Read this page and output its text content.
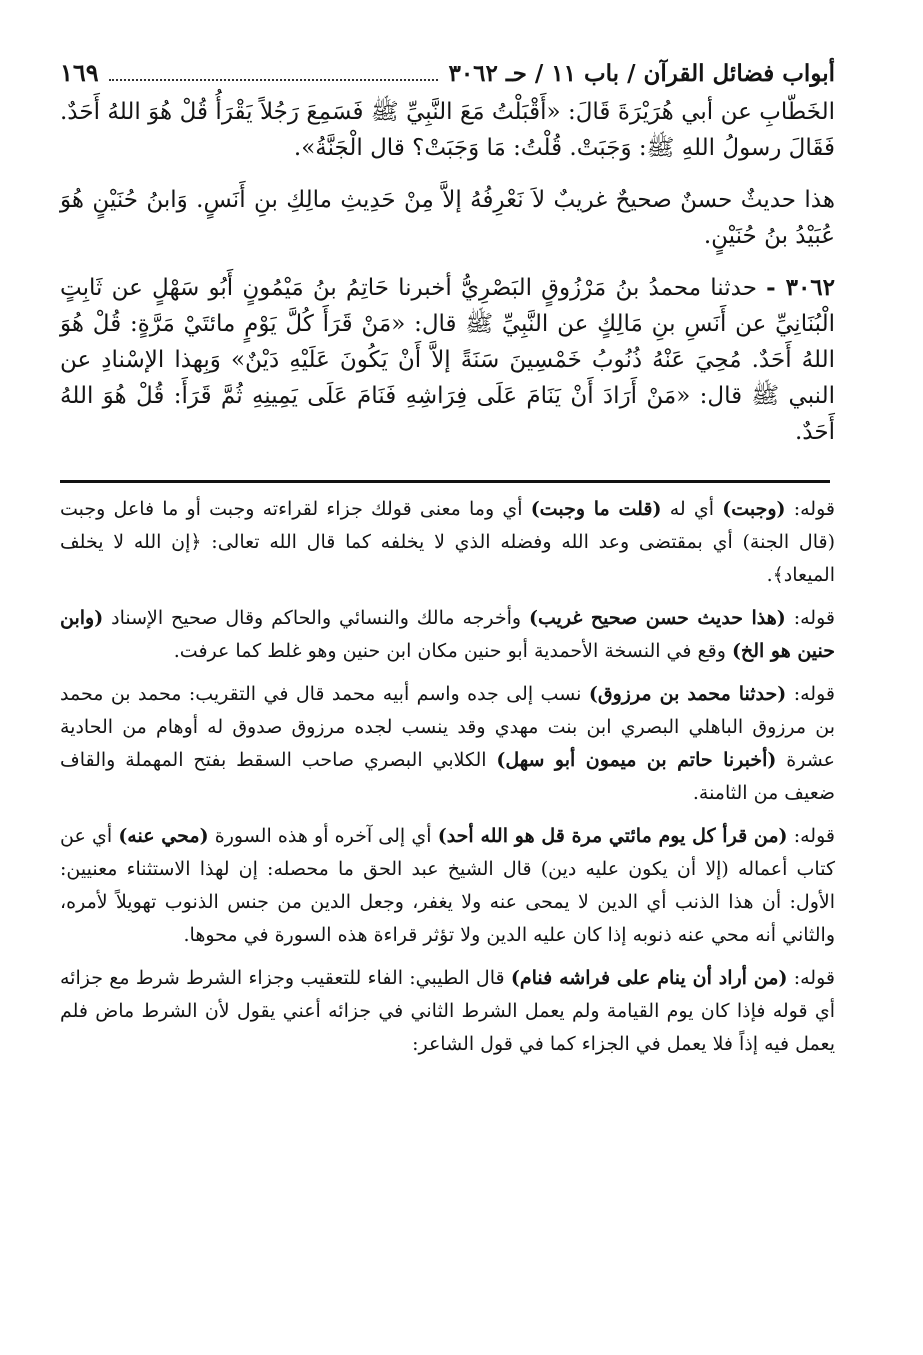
أبواب فضائل القرآن / باب ١١ / حـ ٣٠٦٢
١٦٩

الخَطّابِ عن أبي هُرَيْرَةَ قَالَ: «أَقْبَلْتُ مَعَ النَّبِيِّ ﷺ فَسَمِعَ رَجُلاً يَقْرَأُ قُلْ هُوَ اللهُ أَحَدٌ. فَقَالَ رسولُ اللهِ ﷺ: وَجَبَتْ. قُلْتُ: مَا وَجَبَتْ؟ قال الْجَنَّةُ».

هذا حديثٌ حسنٌ صحيحٌ غريبٌ لاَ نَعْرِفُهُ إلاَّ مِنْ حَدِيثِ مالِكِ بنِ أَنَسٍ. وَابنُ حُنَيْنٍ هُوَ عُبَيْدُ بنُ حُنَيْنٍ.

٣٠٦٢ - حدثنا محمدُ بنُ مَرْزُوقٍ البَصْرِيُّ أخبرنا حَاتِمُ بنُ مَيْمُونٍ أَبُو سَهْلٍ عن ثَابِتٍ الْبُنَانِيِّ عن أَنَسِ بنِ مَالِكٍ عن النَّبِيِّ ﷺ قال: «مَنْ قَرَأَ كُلَّ يَوْمٍ مائتَيْ مَرَّةٍ: قُلْ هُوَ اللهُ أَحَدٌ. مُحِيَ عَنْهُ ذُنُوبُ خَمْسِينَ سَنَةً إلاَّ أَنْ يَكُونَ عَلَيْهِ دَيْنٌ» وَبِهذا الإسْنادِ عن النبي ﷺ قال: «مَنْ أَرَادَ أَنْ يَنَامَ عَلَى فِرَاشِهِ فَنَامَ عَلَى يَمِينِهِ ثُمَّ قَرَأَ: قُلْ هُوَ اللهُ أَحَدٌ.

قوله: (وجبت) أي له (قلت ما وجبت) أي وما معنى قولك جزاء لقراءته وجبت أو ما فاعل وجبت (قال الجنة) أي بمقتضى وعد الله وفضله الذي لا يخلفه كما قال الله تعالى: ﴿إن الله لا يخلف الميعاد﴾.

قوله: (هذا حديث حسن صحيح غريب) وأخرجه مالك والنسائي والحاكم وقال صحيح الإسناد (وابن حنين هو الخ) وقع في النسخة الأحمدية أبو حنين مكان ابن حنين وهو غلط كما عرفت.

قوله: (حدثنا محمد بن مرزوق) نسب إلى جده واسم أبيه محمد قال في التقريب: محمد بن محمد بن مرزوق الباهلي البصري ابن بنت مهدي وقد ينسب لجده مرزوق صدوق له أوهام من الحادية عشرة (أخبرنا حاتم بن ميمون أبو سهل) الكلابي البصري صاحب السقط بفتح المهملة والقاف ضعيف من الثامنة.

قوله: (من قرأ كل يوم مائتي مرة قل هو الله أحد) أي إلى آخره أو هذه السورة (محي عنه) أي عن كتاب أعماله (إلا أن يكون عليه دين) قال الشيخ عبد الحق ما محصله: إن لهذا الاستثناء معنيين: الأول: أن هذا الذنب أي الدين لا يمحى عنه ولا يغفر، وجعل الدين من جنس الذنوب تهويلاً لأمره، والثاني أنه محي عنه ذنوبه إذا كان عليه الدين ولا تؤثر قراءة هذه السورة في محوها.

قوله: (من أراد أن ينام على فراشه فنام) قال الطيبي: الفاء للتعقيب وجزاء الشرط شرط مع جزائه أي قوله فإذا كان يوم القيامة ولم يعمل الشرط الثاني في جزائه أعني يقول لأن الشرط ماض فلم يعمل فيه إذاً فلا يعمل في الجزاء كما في قول الشاعر:
